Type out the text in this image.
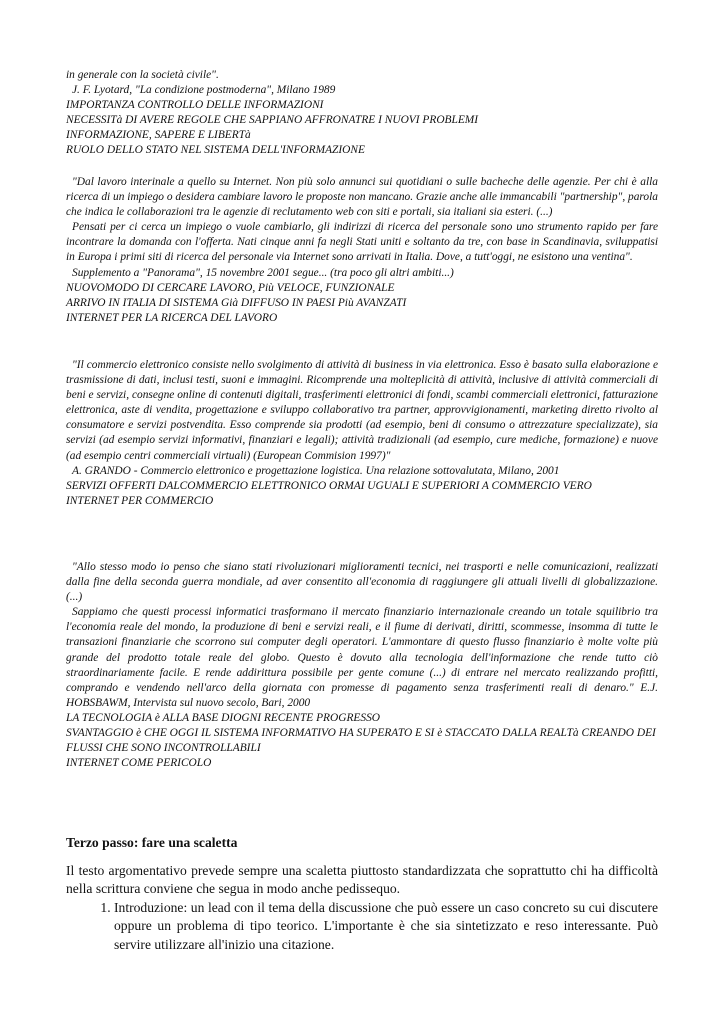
in generale con la società civile".

J. F. Lyotard, "La condizione postmoderna", Milano 1989

IMPORTANZA CONTROLLO DELLE INFORMAZIONI

NECESSITà DI AVERE REGOLE CHE SAPPIANO AFFRONATRE I NUOVI PROBLEMI

INFORMAZIONE, SAPERE E LIBERTà

RUOLO DELLO STATO NEL SISTEMA DELL'INFORMAZIONE

"Dal lavoro interinale a quello su Internet. Non più solo annunci sui quotidiani o sulle bacheche delle agenzie. Per chi è alla ricerca di un impiego o desidera cambiare lavoro le proposte non mancano. Grazie anche alle immancabili "partnership", parola che indica le collaborazioni tra le agenzie di reclutamento web con siti e portali, sia italiani sia esteri. (...)

Pensati per ci cerca un impiego o vuole cambiarlo, gli indirizzi di ricerca del personale sono uno strumento rapido per fare incontrare la domanda con l'offerta. Nati cinque anni fa negli Stati uniti e soltanto da tre, con base in Scandinavia, sviluppatisi in Europa i primi siti di ricerca del personale via Internet sono arrivati in Italia. Dove, a tutt'oggi, ne esistono una ventina".

Supplemento a "Panorama", 15 novembre 2001 segue... (tra poco gli altri ambiti...)

NUOVOMODO DI CERCARE LAVORO, Più VELOCE, FUNZIONALE

ARRIVO IN ITALIA DI SISTEMA Già DIFFUSO IN PAESI Più AVANZATI

INTERNET PER LA RICERCA DEL LAVORO

"Il commercio elettronico consiste nello svolgimento di attività di business in via elettronica. Esso è basato sulla elaborazione e trasmissione di dati, inclusi testi, suoni e immagini. Ricomprende una molteplicità di attività, inclusive di attività commerciali di beni e servizi, consegne online di contenuti digitali, trasferimenti elettronici di fondi, scambi commerciali elettronici, fatturazione elettronica, aste di vendita, progettazione e sviluppo collaborativo tra partner, approvvigionamenti, marketing diretto rivolto al consumatore e servizi postvendita. Esso comprende sia prodotti (ad esempio, beni di consumo o attrezzature specializzate), sia servizi (ad esempio servizi informativi, finanziari e legali); attività tradizionali (ad esempio, cure mediche, formazione) e nuove (ad esempio centri commerciali virtuali) (European Commision 1997)"

A. GRANDO - Commercio elettronico e progettazione logistica. Una relazione sottovalutata, Milano, 2001

SERVIZI OFFERTI DALCOMMERCIO ELETTRONICO ORMAI UGUALI E SUPERIORI A COMMERCIO VERO

INTERNET PER COMMERCIO

"Allo stesso modo io penso che siano stati rivoluzionari miglioramenti tecnici, nei trasporti e nelle comunicazioni, realizzati dalla fine della seconda guerra mondiale, ad aver consentito all'economia di raggiungere gli attuali livelli di globalizzazione. (...)

Sappiamo che questi processi informatici trasformano il mercato finanziario internazionale creando un totale squilibrio tra l'economia reale del mondo, la produzione di beni e servizi reali, e il fiume di derivati, diritti, scommesse, insomma di tutte le transazioni finanziarie che scorrono sui computer degli operatori. L'ammontare di questo flusso finanziario è molte volte più grande del prodotto totale reale del globo. Questo è dovuto alla tecnologia dell'informazione che rende tutto ciò straordinariamente facile. E rende addirittura possibile per gente comune (...) di entrare nel mercato realizzando profitti, comprando e vendendo nell'arco della giornata con promesse di pagamento senza trasferimenti reali di denaro." E.J. HOBSBAWM, Intervista sul nuovo secolo, Bari, 2000

LA TECNOLOGIA è ALLA BASE DIOGNI RECENTE PROGRESSO

SVANTAGGIO è CHE OGGI IL SISTEMA INFORMATIVO HA SUPERATO E SI è STACCATO DALLA REALTà CREANDO DEI FLUSSI CHE SONO INCONTROLLABILI

INTERNET COME PERICOLO

Terzo passo: fare una scaletta

Il testo argomentativo prevede sempre una scaletta piuttosto standardizzata che soprattutto chi ha difficoltà nella scrittura conviene che segua in modo anche pedissequo.

1. Introduzione: un lead con il tema della discussione che può essere un caso concreto su cui discutere oppure un problema di tipo teorico. L'importante è che sia sintetizzato e reso interessante. Può servire utilizzare all'inizio una citazione.
